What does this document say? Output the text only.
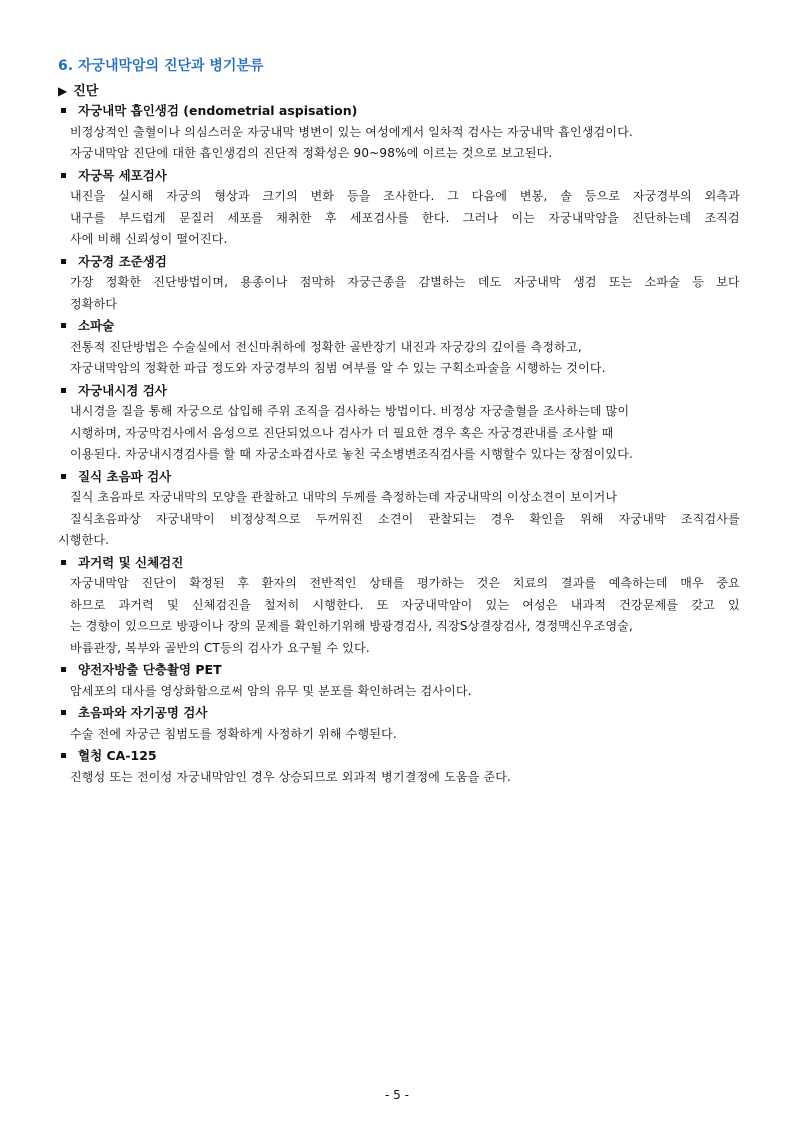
6. 자궁내막암의 진단과 병기분류
▶ 진단
자궁내막 흡인생검 (endometrial aspisation)
비정상적인 출혈이나 의심스러운 자궁내막 병변이 있는 여성에게서 일차적 검사는 자궁내막 흡인생검이다.
자궁내막암 진단에 대한 흡인생검의 진단적 정확성은 90~98%에 이르는 것으로 보고된다.
자궁목 세포검사
내진을 실시해 자궁의 형상과 크기의 변화 등을 조사한다. 그 다음에 변봉, 솔 등으로 자궁경부의 외측과
내구를 부드럽게 문질러 세포를 채취한 후 세포검사를 한다. 그러나 이는 자궁내막암을 진단하는데 조직검
사에 비해 신뢰성이 떨어진다.
자궁경 조준생검
가장 정확한 진단방법이며, 용종이나 점막하 자궁근종을 감별하는 데도 자궁내막 생검 또는 소파술 등 보다
정확하다
소파술
전통적 진단방법은 수술실에서 전신마취하에 정확한 골반장기 내진과 자궁강의 깊이를 측정하고,
자궁내막암의 정확한 파급 정도와 자궁경부의 침범 여부를 알 수 있는 구획소파술을 시행하는 것이다.
자궁내시경 검사
내시경을 질을 통해 자궁으로 삽입해 주위 조직을 검사하는 방법이다. 비정상 자궁출혈을 조사하는데 많이
시행하며, 자궁막검사에서 음성으로 진단되었으나 검사가 더 필요한 경우 혹은 자궁경관내를 조사할 때
이용된다. 자궁내시경검사를 할 때 자궁소파검사로 놓친 국소병변조직검사를 시행할수 있다는 장점이있다.
질식 초음파 검사
질식 초음파로 자궁내막의 모양을 관찰하고 내막의 두께를 측정하는데 자궁내막의 이상소견이 보이거나
질식초음파상 자궁내막이 비정상적으로 두꺼워진 소견이 관찰되는 경우 확인을 위해 자궁내막 조직검사를
시행한다.
과거력 및 신체검진
자궁내막암 진단이 확정된 후 환자의 전반적인 상태를 평가하는 것은 치료의 결과를 예측하는데 매우 중요
하므로 과거력 및 신체검진을 철저히 시행한다. 또 자궁내막암이 있는 여성은 내과적 건강문제를 갖고 있
는 경향이 있으므로 방광이나 장의 문제를 확인하기위해 방광경검사, 직장S상결장검사, 경정맥신우조영술,
바륨관장, 복부와 골반의 CT등의 검사가 요구될 수 있다.
양전자방출 단층촬영 PET
암세포의 대사를 영상화함으로써 암의 유무 및 분포를 확인하려는 검사이다.
초음파와 자기공명 검사
수술 전에 자궁근 침범도를 정확하게 사정하기 위해 수행된다.
혈청 CA-125
진행성 또는 전이성 자궁내막암인 경우 상승되므로 외과적 병기결정에 도움을 준다.
- 5 -
